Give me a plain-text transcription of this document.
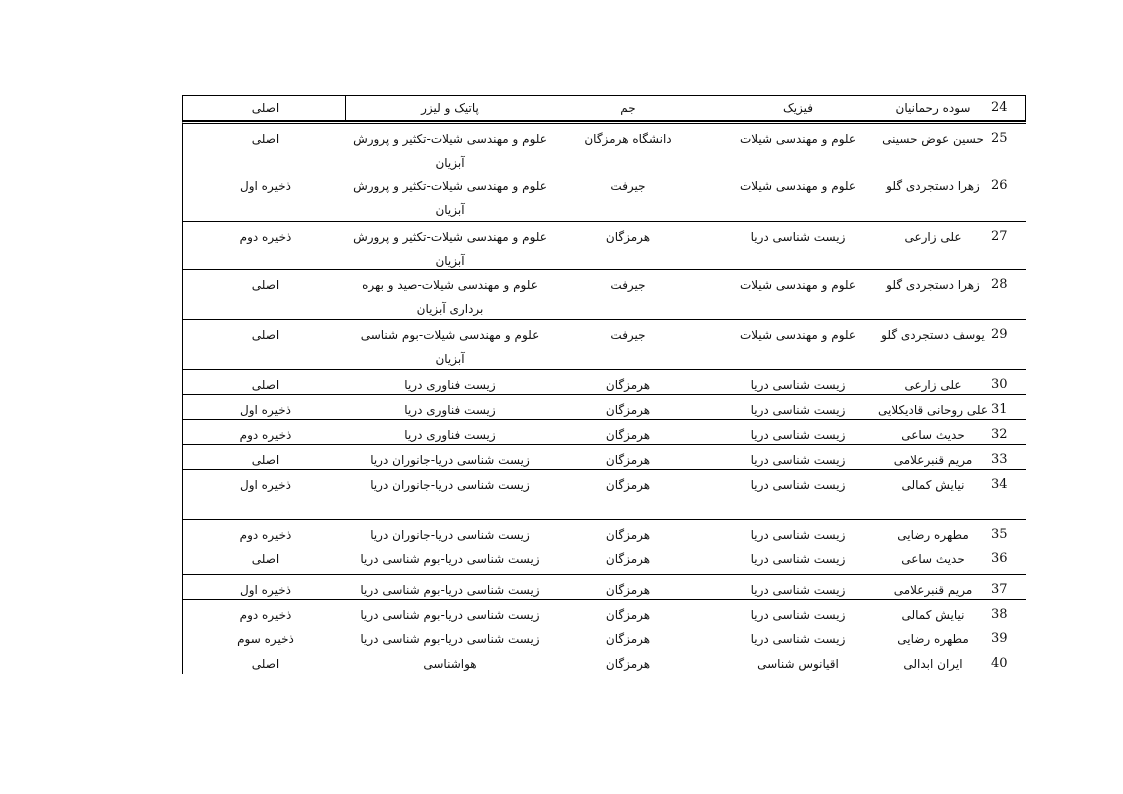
24
سوده رحمانیان
فیزیک
جم
پاتیک و لیزر
اصلی
25
حسین عوض حسینی
علوم و مهندسی شیلات
دانشگاه هرمزگان
علوم و مهندسی شیلات-تکثیر و پرورش آبزیان
اصلی
26
زهرا دستجردی گلو
علوم و مهندسی شیلات
جیرفت
علوم و مهندسی شیلات-تکثیر و پرورش آبزیان
ذخیره اول
27
علی زارعی
زیست شناسی دریا
هرمزگان
علوم و مهندسی شیلات-تکثیر و پرورش آبزیان
ذخیره دوم
28
زهرا دستجردی گلو
علوم و مهندسی شیلات
جیرفت
علوم و مهندسی شیلات-صید و بهره برداری آبزیان
اصلی
29
یوسف دستجردی گلو
علوم و مهندسی شیلات
جیرفت
علوم و مهندسی شیلات-بوم شناسی آبزیان
اصلی
30
علی زارعی
زیست شناسی دریا
هرمزگان
زیست فناوری دریا
اصلی
31
علی روحانی قادیکلایی
زیست شناسی دریا
هرمزگان
زیست فناوری دریا
ذخیره اول
32
حدیث ساعی
زیست شناسی دریا
هرمزگان
زیست فناوری دریا
ذخیره دوم
33
مریم قنبرعلامی
زیست شناسی دریا
هرمزگان
زیست شناسی دریا-جانوران دریا
اصلی
34
نیایش کمالی
زیست شناسی دریا
هرمزگان
زیست شناسی دریا-جانوران دریا
ذخیره اول
35
مطهره رضایی
زیست شناسی دریا
هرمزگان
زیست شناسی دریا-جانوران دریا
ذخیره دوم
36
حدیث ساعی
زیست شناسی دریا
هرمزگان
زیست شناسی دریا-بوم شناسی دریا
اصلی
37
مریم قنبرعلامی
زیست شناسی دریا
هرمزگان
زیست شناسی دریا-بوم شناسی دریا
ذخیره اول
38
نیایش کمالی
زیست شناسی دریا
هرمزگان
زیست شناسی دریا-بوم شناسی دریا
ذخیره دوم
39
مطهره رضایی
زیست شناسی دریا
هرمزگان
زیست شناسی دریا-بوم شناسی دریا
ذخیره سوم
40
ایران ابدالی
اقیانوس شناسی
هرمزگان
هواشناسی
اصلی
